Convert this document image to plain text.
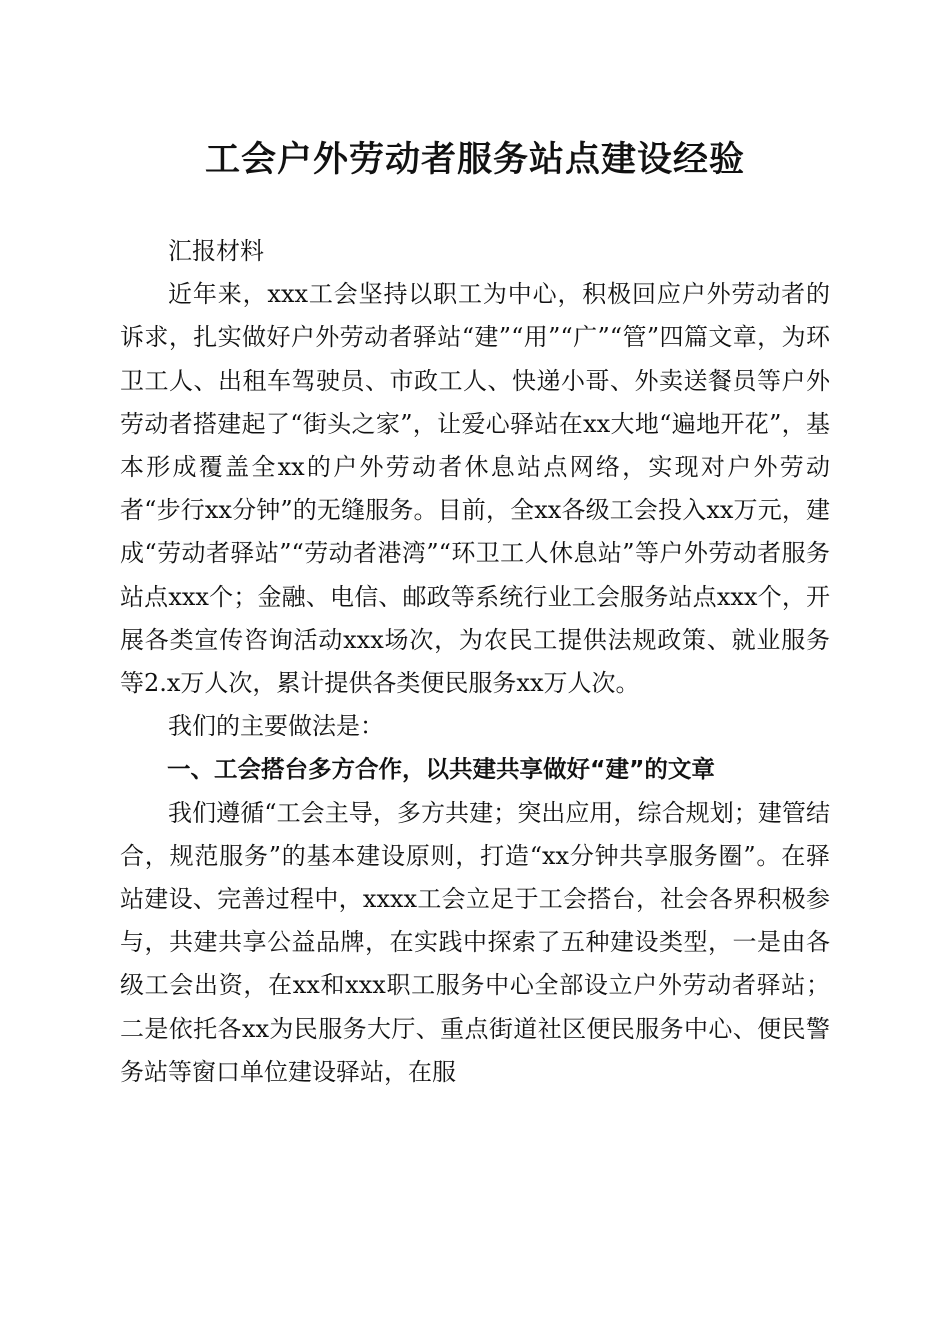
工会户外劳动者服务站点建设经验

汇报材料

近年来，xxx工会坚持以职工为中心，积极回应户外劳动者的诉求，扎实做好户外劳动者驿站“建”“用”“广”“管”四篇文章，为环卫工人、出租车驾驶员、市政工人、快递小哥、外卖送餐员等户外劳动者搭建起了“街头之家”，让爱心驿站在xx大地“遍地开花”，基本形成覆盖全xx的户外劳动者休息站点网络，实现对户外劳动者“步行xx分钟”的无缝服务。目前，全xx各级工会投入xx万元，建成“劳动者驿站”“劳动者港湾”“环卫工人休息站”等户外劳动者服务站点xxx个；金融、电信、邮政等系统行业工会服务站点xxx个，开展各类宣传咨询活动xxx场次，为农民工提供法规政策、就业服务等2.x万人次，累计提供各类便民服务xx万人次。

我们的主要做法是：

一、工会搭台多方合作，以共建共享做好“建”的文章

我们遵循“工会主导，多方共建；突出应用，综合规划；建管结合，规范服务”的基本建设原则，打造“xx分钟共享服务圈”。在驿站建设、完善过程中，xxxx工会立足于工会搭台，社会各界积极参与，共建共享公益品牌，在实践中探索了五种建设类型，一是由各级工会出资，在xx和xxx职工服务中心全部设立户外劳动者驿站；二是依托各xx为民服务大厅、重点街道社区便民服务中心、便民警务站等窗口单位建设驿站，在服
